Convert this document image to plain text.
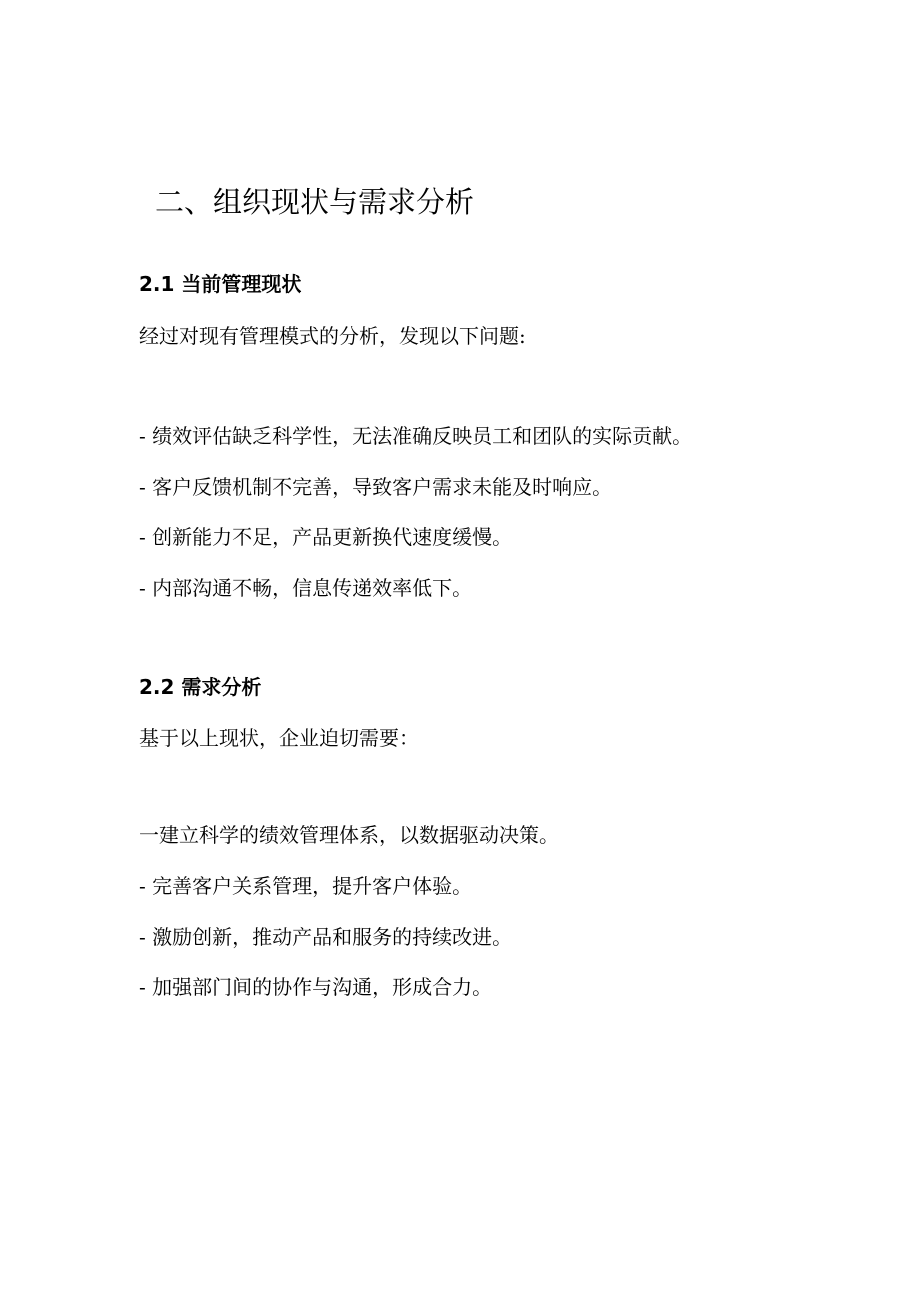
二、组织现状与需求分析
2.1 当前管理现状
经过对现有管理模式的分析，发现以下问题:
- 绩效评估缺乏科学性，无法准确反映员工和团队的实际贡献。
- 客户反馈机制不完善，导致客户需求未能及时响应。
- 创新能力不足，产品更新换代速度缓慢。
- 内部沟通不畅，信息传递效率低下。
2.2 需求分析
基于以上现状，企业迫切需要：
一建立科学的绩效管理体系，以数据驱动决策。
- 完善客户关系管理，提升客户体验。
- 激励创新，推动产品和服务的持续改进。
- 加强部门间的协作与沟通，形成合力。
